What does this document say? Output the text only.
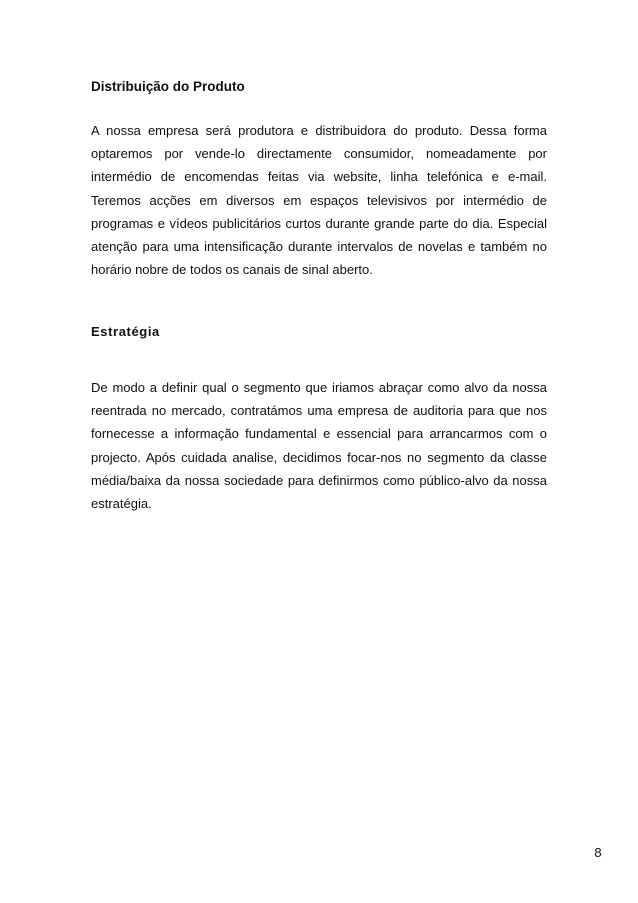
Distribuição do Produto

A nossa empresa será produtora e distribuidora do produto. Dessa forma optaremos por vende-lo directamente consumidor, nomeadamente por intermédio de encomendas feitas via website, linha telefónica e e-mail. Teremos acções em diversos em espaços televisivos por intermédio de programas e vídeos publicitários curtos durante grande parte do dia. Especial atenção para uma intensificação durante intervalos de novelas e também no horário nobre de todos os canais de sinal aberto.

Estratégia

De modo a definir qual o segmento que iriamos abraçar como alvo da nossa reentrada no mercado, contratámos uma empresa de auditoria para que nos fornecesse a informação fundamental e essencial para arrancarmos com o projecto. Após cuidada analise, decidimos focar-nos no segmento da classe média/baixa da nossa sociedade para definirmos como público-alvo da nossa estratégia.

8
